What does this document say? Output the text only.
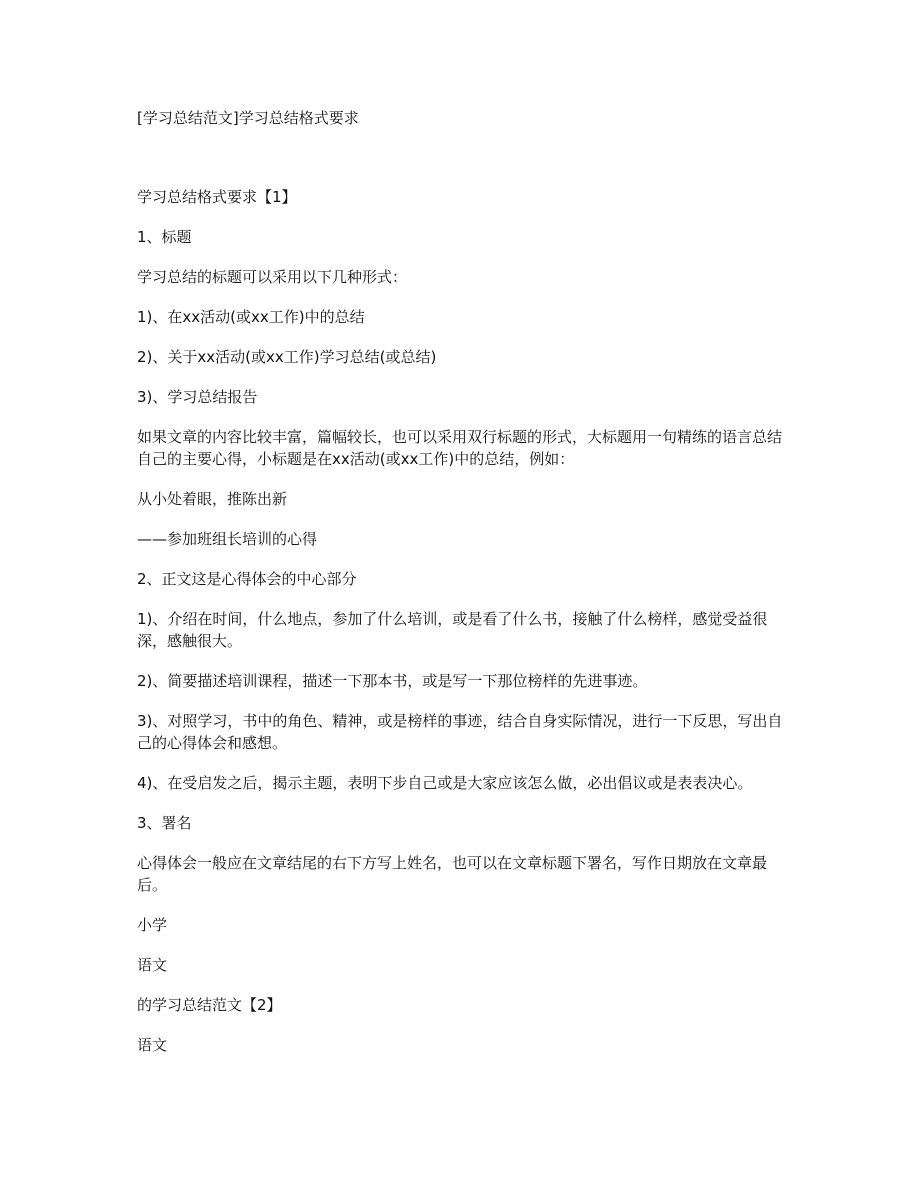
[学习总结范文]学习总结格式要求

学习总结格式要求【1】

1、标题

学习总结的标题可以采用以下几种形式：

1)、在xx活动(或xx工作)中的总结

2)、关于xx活动(或xx工作)学习总结(或总结)

3)、学习总结报告

如果文章的内容比较丰富，篇幅较长，也可以采用双行标题的形式，大标题用一句精练的语言总结自己的主要心得，小标题是在xx活动(或xx工作)中的总结，例如：

从小处着眼，推陈出新

——参加班组长培训的心得

2、正文这是心得体会的中心部分

1)、介绍在时间，什么地点，参加了什么培训，或是看了什么书，接触了什么榜样，感觉受益很深，感触很大。

2)、简要描述培训课程，描述一下那本书，或是写一下那位榜样的先进事迹。

3)、对照学习，书中的角色、精神，或是榜样的事迹，结合自身实际情况，进行一下反思，写出自己的心得体会和感想。

4)、在受启发之后，揭示主题，表明下步自己或是大家应该怎么做，必出倡议或是表表决心。

3、署名

心得体会一般应在文章结尾的右下方写上姓名，也可以在文章标题下署名，写作日期放在文章最后。

小学

语文

的学习总结范文【2】

语文
